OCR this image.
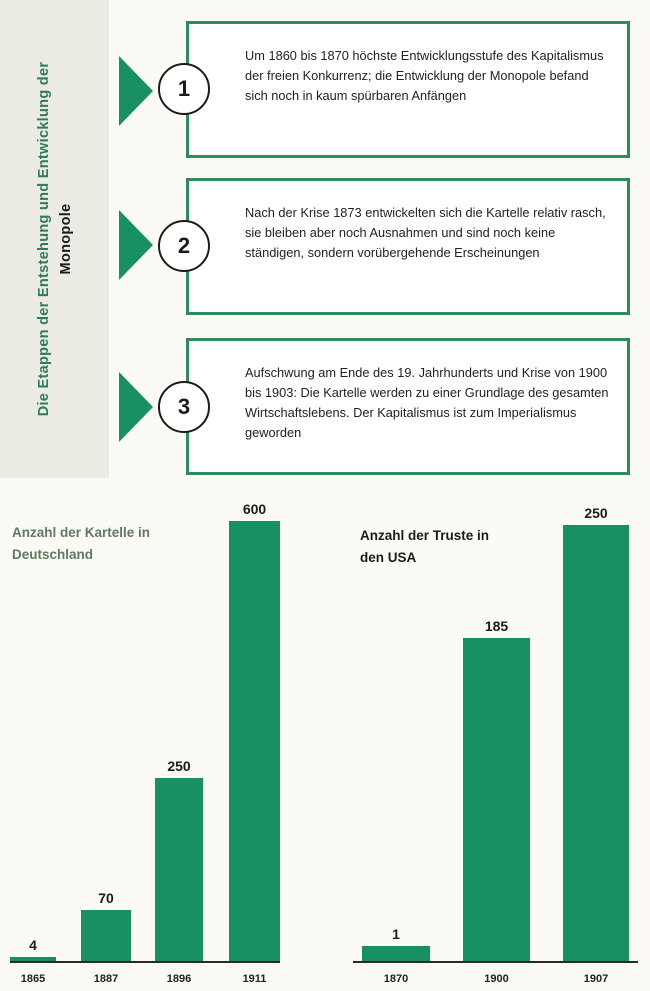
Die Etappen der Entstehung und Entwicklung der Monopole
Um 1860 bis 1870 höchste Entwicklungsstufe des Kapitalismus der freien Konkurrenz; die Entwicklung der Monopole befand sich noch in kaum spürbaren Anfängen
1
Nach der Krise 1873 entwickelten sich die Kartelle relativ rasch, sie bleiben aber noch Ausnahmen und sind noch keine ständigen, sondern vorübergehende Erscheinungen
2
Aufschwung am Ende des 19. Jahrhunderts und Krise von 1900 bis 1903: Die Kartelle werden zu einer Grundlage des gesamten Wirtschaftslebens. Der Kapitalismus ist zum Imperialismus geworden
3
Anzahl der Kartelle in
Deutschland
4
70
250
600
1865	1887	1896	1911
Anzahl der Truste in
den USA
1
185
250
1870	1900	1907
